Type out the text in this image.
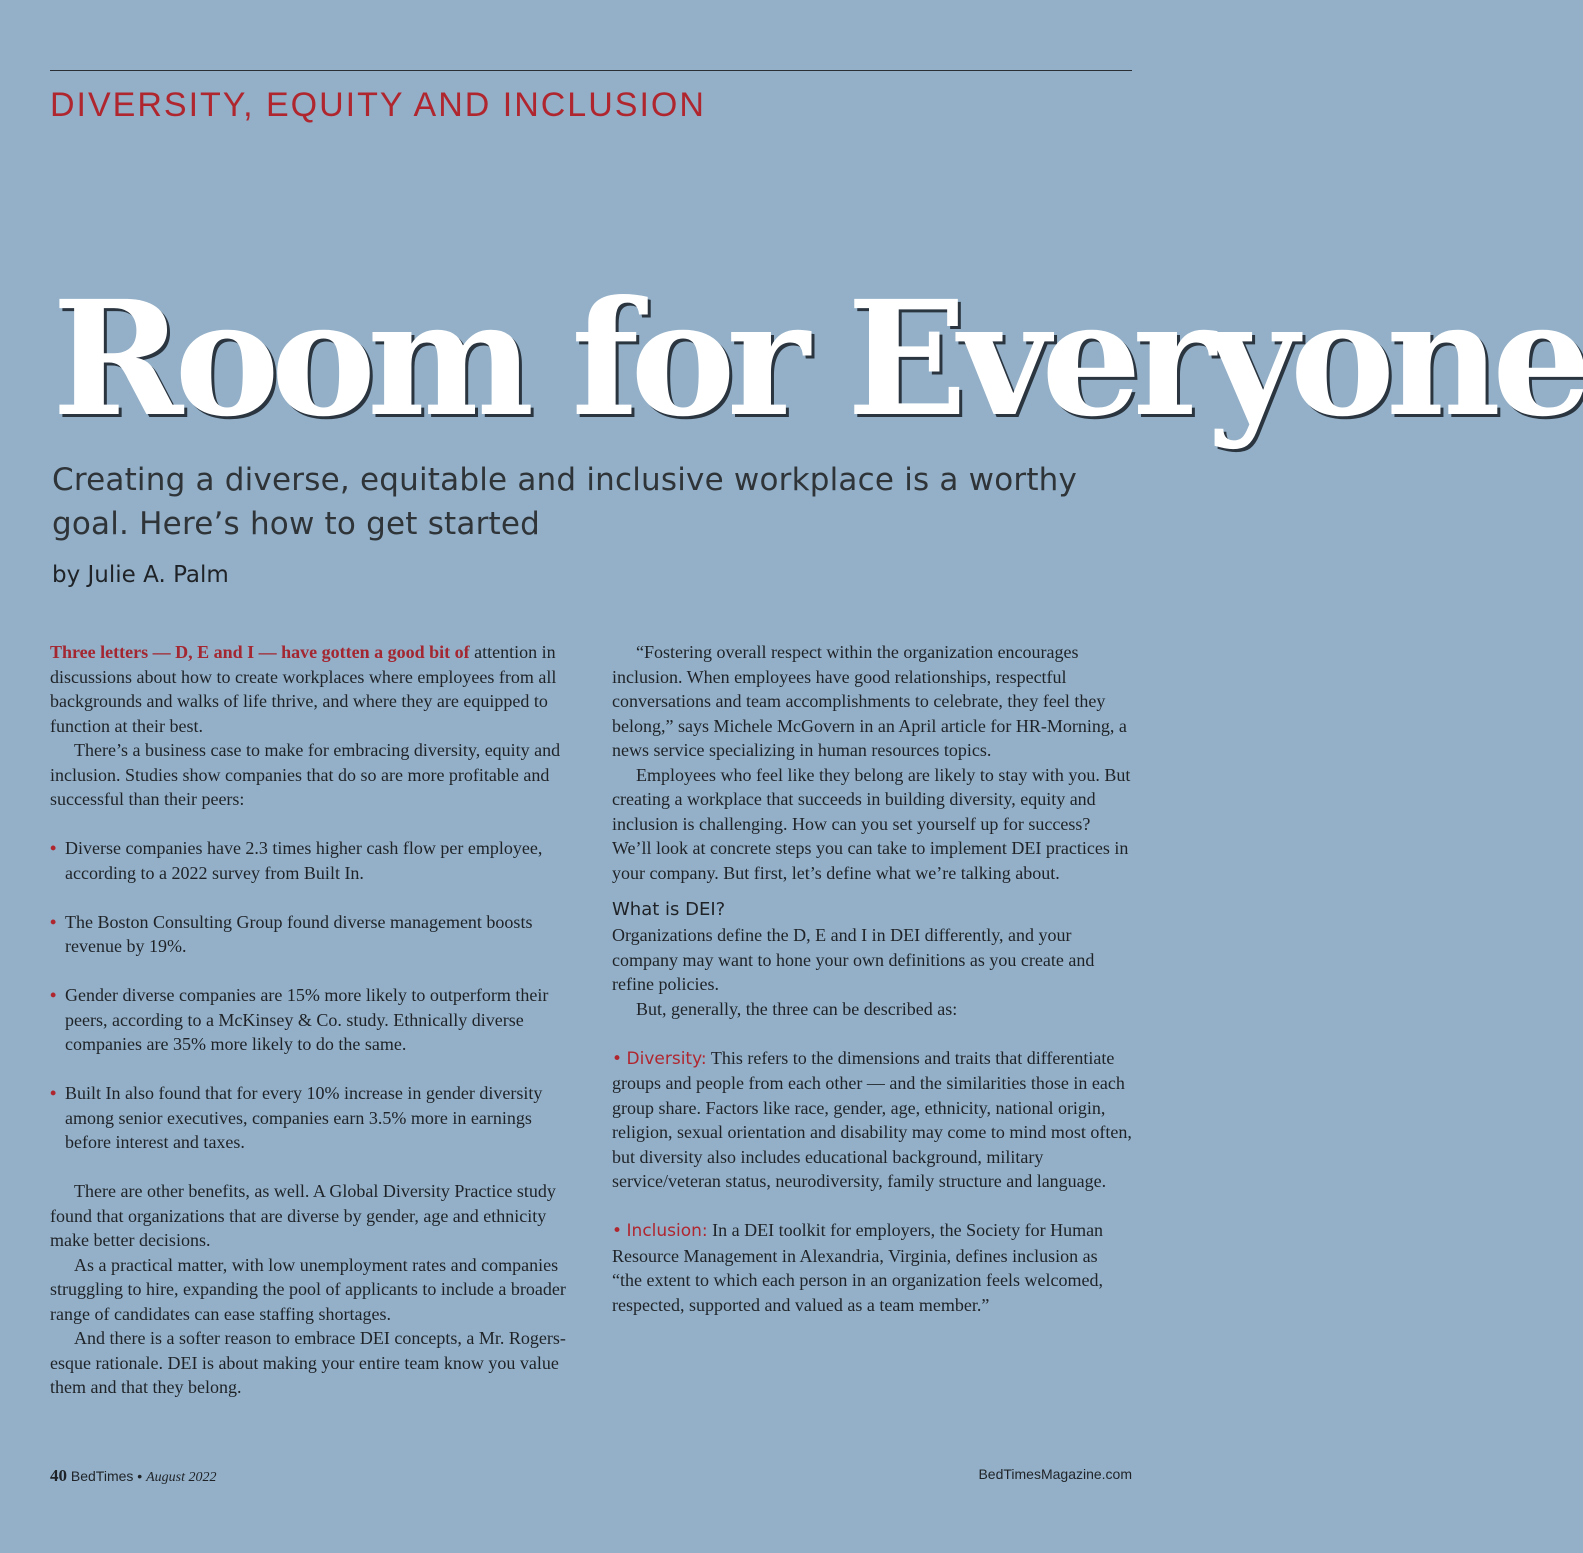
DIVERSITY, EQUITY AND INCLUSION
Room for Everyone
Creating a diverse, equitable and inclusive workplace is a worthy goal. Here’s how to get started
by Julie A. Palm

Three letters — D, E and I — have gotten a good bit of attention in discussions about how to create workplaces where employees from all backgrounds and walks of life thrive, and where they are equipped to function at their best.

There’s a business case to make for embracing diversity, equity and inclusion. Studies show companies that do so are more profitable and successful than their peers:

• Diverse companies have 2.3 times higher cash flow per employee, according to a 2022 survey from Built In.

• The Boston Consulting Group found diverse management boosts revenue by 19%.

• Gender diverse companies are 15% more likely to outperform their peers, according to a McKinsey & Co. study. Ethnically diverse companies are 35% more likely to do the same.

• Built In also found that for every 10% increase in gender diversity among senior executives, companies earn 3.5% more in earnings before interest and taxes.

There are other benefits, as well. A Global Diversity Practice study found that organizations that are diverse by gender, age and ethnicity make better decisions.

As a practical matter, with low unemployment rates and companies struggling to hire, expanding the pool of applicants to include a broader range of candidates can ease staffing shortages.

And there is a softer reason to embrace DEI concepts, a Mr. Rogers-esque rationale. DEI is about making your entire team know you value them and that they belong.

“Fostering overall respect within the organization encourages inclusion. When employees have good relationships, respectful conversations and team accomplishments to celebrate, they feel they belong,” says Michele McGovern in an April article for HR-Morning, a news service specializing in human resources topics.

Employees who feel like they belong are likely to stay with you. But creating a workplace that succeeds in building diversity, equity and inclusion is challenging. How can you set yourself up for success? We’ll look at concrete steps you can take to implement DEI practices in your company. But first, let’s define what we’re talking about.

What is DEI?

Organizations define the D, E and I in DEI differently, and your company may want to hone your own definitions as you create and refine policies.

But, generally, the three can be described as:

• Diversity: This refers to the dimensions and traits that differentiate groups and people from each other — and the similarities those in each group share. Factors like race, gender, age, ethnicity, national origin, religion, sexual orientation and disability may come to mind most often, but diversity also includes educational background, military service/veteran status, neurodiversity, family structure and language.

• Inclusion: In a DEI toolkit for employers, the Society for Human Resource Management in Alexandria, Virginia, defines inclusion as “the extent to which each person in an organization feels welcomed, respected, supported and valued as a team member.”

40 BedTimes • August 2022	BedTimesMagazine.com
